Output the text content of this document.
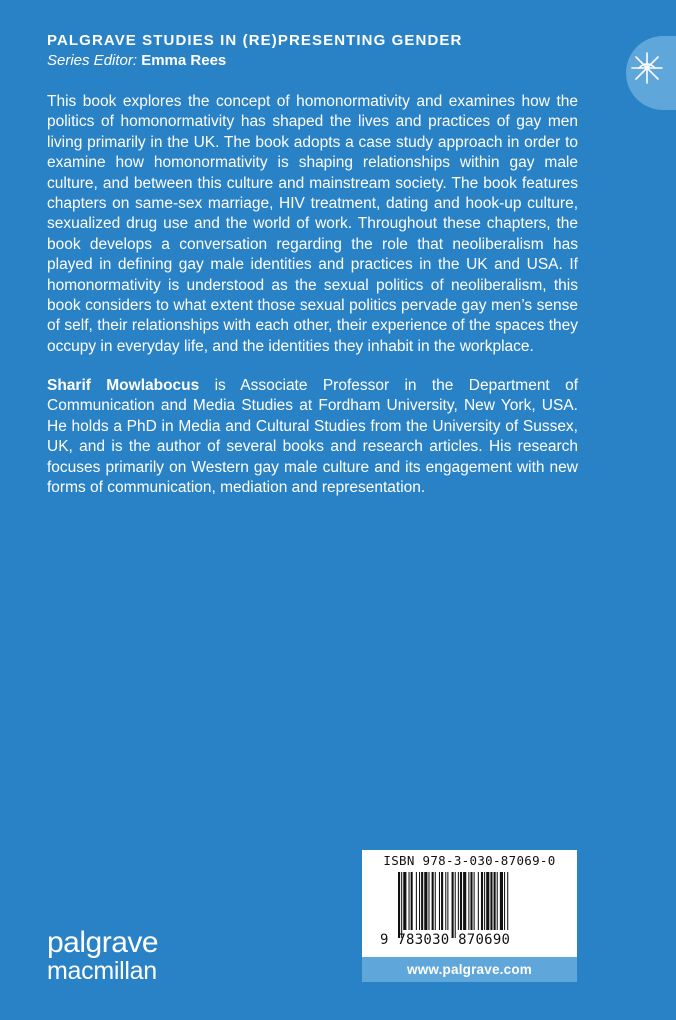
PALGRAVE STUDIES IN (RE)PRESENTING GENDER
Series Editor: Emma Rees

This book explores the concept of homonormativity and examines how the politics of homonormativity has shaped the lives and practices of gay men living primarily in the UK. The book adopts a case study approach in order to examine how homonormativity is shaping relationships within gay male culture, and between this culture and mainstream society. The book features chapters on same-sex marriage, HIV treatment, dating and hook-up culture, sexualized drug use and the world of work. Throughout these chapters, the book develops a conversation regarding the role that neoliberalism has played in defining gay male identities and practices in the UK and USA. If homonormativity is understood as the sexual politics of neoliberalism, this book considers to what extent those sexual politics pervade gay men’s sense of self, their relationships with each other, their experience of the spaces they occupy in everyday life, and the identities they inhabit in the workplace.

Sharif Mowlabocus is Associate Professor in the Department of Communication and Media Studies at Fordham University, New York, USA. He holds a PhD in Media and Cultural Studies from the University of Sussex, UK, and is the author of several books and research articles. His research focuses primarily on Western gay male culture and its engagement with new forms of communication, mediation and representation.

ISBN 978-3-030-87069-0
9 783030 870690
www.palgrave.com
palgrave
macmillan
